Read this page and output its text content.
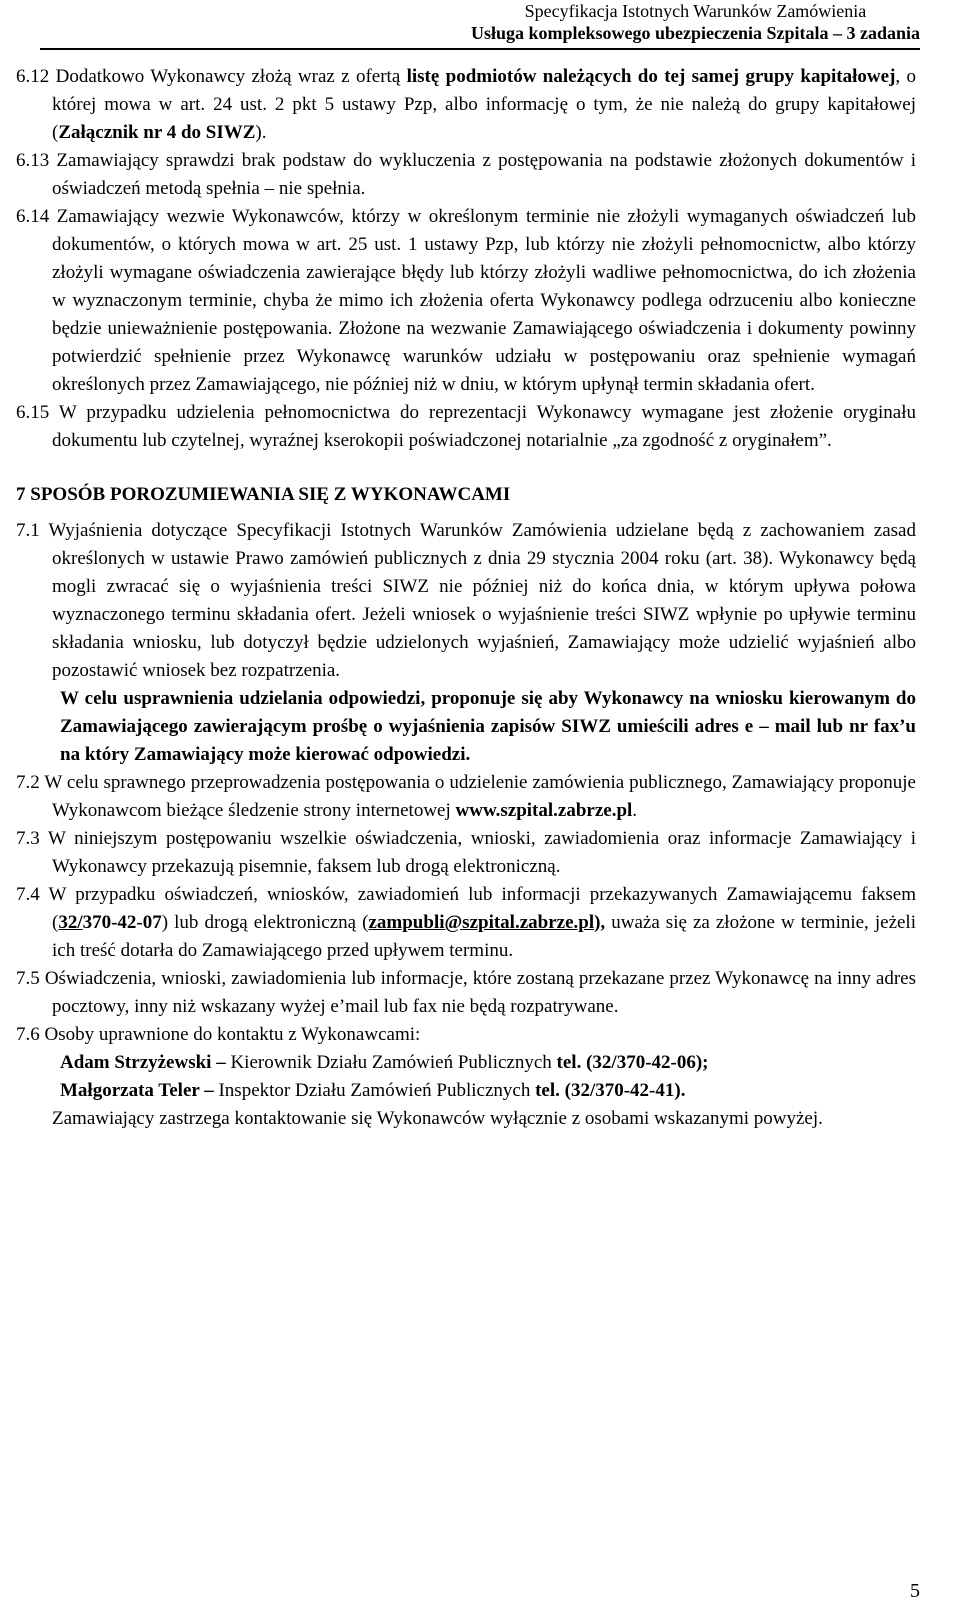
Specyfikacja Istotnych Warunków Zamówienia
Usługa kompleksowego ubezpieczenia Szpitala – 3 zadania

6.12 Dodatkowo Wykonawcy złożą wraz z ofertą listę podmiotów należących do tej samej grupy kapitałowej, o której mowa w art. 24 ust. 2 pkt 5 ustawy Pzp, albo informację o tym, że nie należą do grupy kapitałowej (Załącznik nr 4 do SIWZ).

6.13 Zamawiający sprawdzi brak podstaw do wykluczenia z postępowania na podstawie złożonych dokumentów i oświadczeń metodą spełnia – nie spełnia.

6.14 Zamawiający wezwie Wykonawców, którzy w określonym terminie nie złożyli wymaganych oświadczeń lub dokumentów, o których mowa w art. 25 ust. 1 ustawy Pzp, lub którzy nie złożyli pełnomocnictw, albo którzy złożyli wymagane oświadczenia zawierające błędy lub którzy złożyli wadliwe pełnomocnictwa, do ich złożenia w wyznaczonym terminie, chyba że mimo ich złożenia oferta Wykonawcy podlega odrzuceniu albo konieczne będzie unieważnienie postępowania. Złożone na wezwanie Zamawiającego oświadczenia i dokumenty powinny potwierdzić spełnienie przez Wykonawcę warunków udziału w postępowaniu oraz spełnienie wymagań określonych przez Zamawiającego, nie później niż w dniu, w którym upłynął termin składania ofert.

6.15 W przypadku udzielenia pełnomocnictwa do reprezentacji Wykonawcy wymagane jest złożenie oryginału dokumentu lub czytelnej, wyraźnej kserokopii poświadczonej notarialnie „za zgodność z oryginałem”.

7 SPOSÓB POROZUMIEWANIA SIĘ Z WYKONAWCAMI

7.1 Wyjaśnienia dotyczące Specyfikacji Istotnych Warunków Zamówienia udzielane będą z zachowaniem zasad określonych w ustawie Prawo zamówień publicznych z dnia 29 stycznia 2004 roku (art. 38). Wykonawcy będą mogli zwracać się o wyjaśnienia treści SIWZ nie później niż do końca dnia, w którym upływa połowa wyznaczonego terminu składania ofert. Jeżeli wniosek o wyjaśnienie treści SIWZ wpłynie po upływie terminu składania wniosku, lub dotyczył będzie udzielonych wyjaśnień, Zamawiający może udzielić wyjaśnień albo pozostawić wniosek bez rozpatrzenia.

W celu usprawnienia udzielania odpowiedzi, proponuje się aby Wykonawcy na wniosku kierowanym do Zamawiającego zawierającym prośbę o wyjaśnienia zapisów SIWZ umieścili adres e – mail lub nr fax’u na który Zamawiający może kierować odpowiedzi.

7.2 W celu sprawnego przeprowadzenia postępowania o udzielenie zamówienia publicznego, Zamawiający proponuje Wykonawcom bieżące śledzenie strony internetowej www.szpital.zabrze.pl.

7.3 W niniejszym postępowaniu wszelkie oświadczenia, wnioski, zawiadomienia oraz informacje Zamawiający i Wykonawcy przekazują pisemnie, faksem lub drogą elektroniczną.

7.4 W przypadku oświadczeń, wniosków, zawiadomień lub informacji przekazywanych Zamawiającemu faksem (32/370-42-07) lub drogą elektroniczną (zampubli@szpital.zabrze.pl), uważa się za złożone w terminie, jeżeli ich treść dotarła do Zamawiającego przed upływem terminu.

7.5 Oświadczenia, wnioski, zawiadomienia lub informacje, które zostaną przekazane przez Wykonawcę na inny adres pocztowy, inny niż wskazany wyżej e’mail lub fax nie będą rozpatrywane.

7.6 Osoby uprawnione do kontaktu z Wykonawcami:

Adam Strzyżewski – Kierownik Działu Zamówień Publicznych tel. (32/370-42-06);

Małgorzata Teler – Inspektor Działu Zamówień Publicznych tel. (32/370-42-41).

Zamawiający zastrzega kontaktowanie się Wykonawców wyłącznie z osobami wskazanymi powyżej.

5
